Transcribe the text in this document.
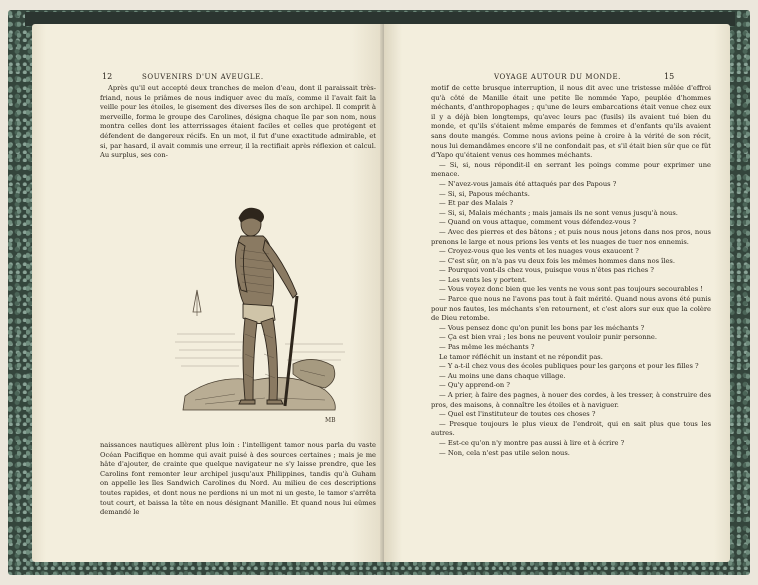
12	SOUVENIRS D'UN AVEUGLE.

Après qu'il eut accepté deux tranches de melon d'eau, dont il paraissait très-friand, nous le priâmes de nous indiquer avec du maïs, comme il l'avait fait la veille pour les étoiles, le gisement des diverses îles de son archipel. Il comprit à merveille, forma le groupe des Carolines, désigna chaque île par son nom, nous montra celles dont les atterrissages étaient faciles et celles que protégent et défendent de dangereux récifs. En un mot, il fut d'une exactitude admirable, et si, par hasard, il avait commis une erreur, il la rectifiait après réflexion et calcul. Au surplus, ses con-

MB

naissances nautiques allèrent plus loin : l'intelligent tamor nous parla du vaste Océan Pacifique en homme qui avait puisé à des sources certaines ; mais je me hâte d'ajouter, de crainte que quelque navigateur ne s'y laisse prendre, que les Carolins font remonter leur archipel jusqu'aux Philippines, tandis qu'à Guham on appelle les îles Sandwich Carolines du Nord. Au milieu de ces descriptions toutes rapides, et dont nous ne perdions ni un mot ni un geste, le tamor s'arrêta tout court, et baissa la tête en nous désignant Manille. Et quand nous lui eûmes demandé le

VOYAGE AUTOUR DU MONDE.	15

motif de cette brusque interruption, il nous dit avec une tristesse mêlée d'effroi qu'à côté de Manille était une petite île nommée Yapo, peuplée d'hommes méchants, d'anthropophages ; qu'une de leurs embarcations était venue chez eux il y a déjà bien longtemps, qu'avec leurs pac (fusils) ils avaient tué bien du monde, et qu'ils s'étaient même emparés de femmes et d'enfants qu'ils avaient sans doute mangés. Comme nous avions peine à croire à la vérité de son récit, nous lui demandâmes encore s'il ne confondait pas, et s'il était bien sûr que ce fût d'Yapo qu'étaient venus ces hommes méchants.

— Si, si, nous répondit-il en serrant les poings comme pour exprimer une menace.

— N'avez-vous jamais été attaqués par des Papous ?

— Si, si, Papous méchants.

— Et par des Malais ?

— Si, si, Malais méchants ; mais jamais ils ne sont venus jusqu'à nous.

— Quand on vous attaque, comment vous défendez-vous ?

— Avec des pierres et des bâtons ; et puis nous nous jetons dans nos pros, nous prenons le large et nous prions les vents et les nuages de tuer nos ennemis.

— Croyez-vous que les vents et les nuages vous exaucent ?

— C'est sûr, on n'a pas vu deux fois les mêmes hommes dans nos îles.

— Pourquoi vont-ils chez vous, puisque vous n'êtes pas riches ?

— Les vents les y portent.

— Vous voyez donc bien que les vents ne vous sont pas toujours secourables !

— Parce que nous ne l'avons pas tout à fait mérité. Quand nous avons été punis pour nos fautes, les méchants s'en retournent, et c'est alors sur eux que la colère de Dieu retombe.

— Vous pensez donc qu'on punit les bons par les méchants ?

— Ça est bien vrai ; les bons ne peuvent vouloir punir personne.

— Pas même les méchants ?

Le tamor réfléchit un instant et ne répondit pas.

— Y a-t-il chez vous des écoles publiques pour les garçons et pour les filles ?

— Au moins une dans chaque village.

— Qu'y apprend-on ?

— A prier, à faire des pagnes, à nouer des cordes, à les tresser, à construire des pros, des maisons, à connaître les étoiles et à naviguer.

— Quel est l'instituteur de toutes ces choses ?

— Presque toujours le plus vieux de l'endroit, qui en sait plus que tous les autres.

— Est-ce qu'on n'y montre pas aussi à lire et à écrire ?

— Non, cela n'est pas utile selon nous.
